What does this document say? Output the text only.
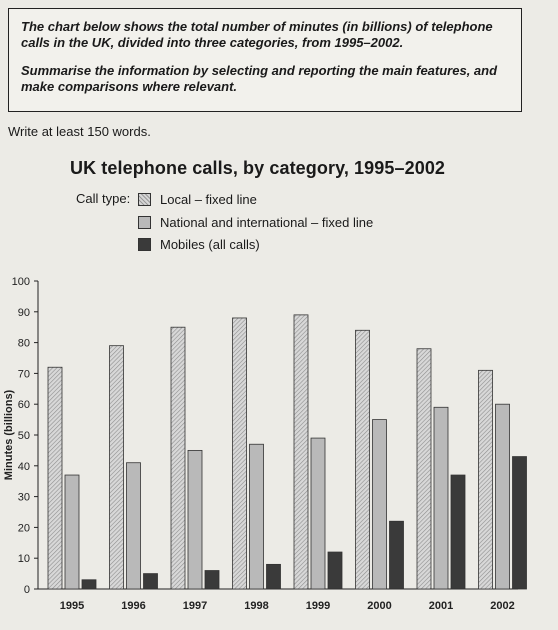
The chart below shows the total number of minutes (in billions) of telephone calls in the UK, divided into three categories, from 1995–2002.

Summarise the information by selecting and reporting the main features, and make comparisons where relevant.

Write at least 150 words.
UK telephone calls, by category, 1995–2002
Call type: Local – fixed line
National and international – fixed line
Mobiles (all calls)
0
10
20
30
40
50
60
70
80
90
100
Minutes (billions)
1995	1996	1997	1998	1999	2000	2001	2002
